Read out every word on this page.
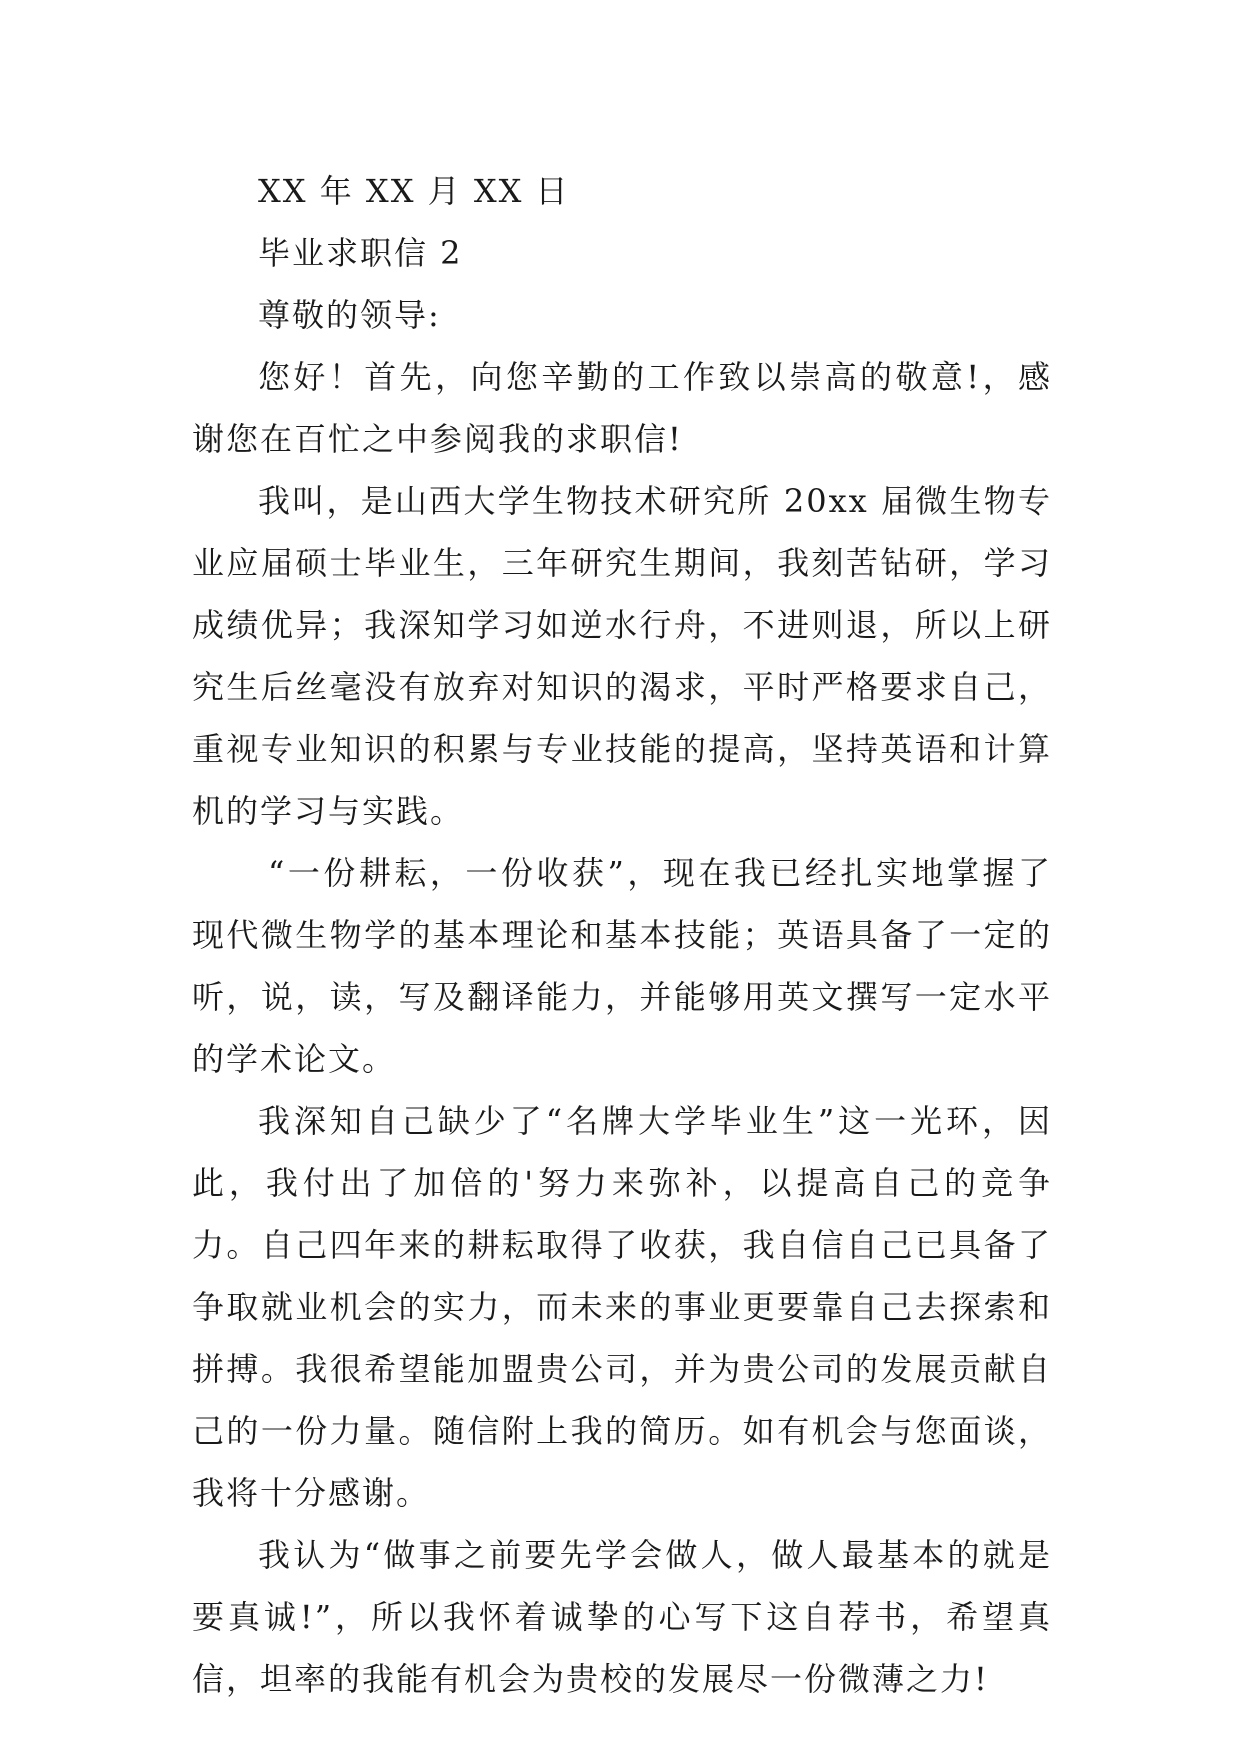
XX 年 XX 月 XX 日

毕业求职信 2

尊敬的领导:

您好！首先，向您辛勤的工作致以崇高的敬意!，感谢您在百忙之中参阅我的求职信!

我叫，是山西大学生物技术研究所 20xx 届微生物专业应届硕士毕业生，三年研究生期间，我刻苦钻研，学习成绩优异；我深知学习如逆水行舟，不进则退，所以上研究生后丝毫没有放弃对知识的渴求，平时严格要求自己，重视专业知识的积累与专业技能的提高，坚持英语和计算机的学习与实践。

“一份耕耘，一份收获”，现在我已经扎实地掌握了现代微生物学的基本理论和基本技能；英语具备了一定的听，说，读，写及翻译能力，并能够用英文撰写一定水平的学术论文。

我深知自己缺少了“名牌大学毕业生”这一光环，因此，我付出了加倍的'努力来弥补，以提高自己的竞争力。自己四年来的耕耘取得了收获，我自信自己已具备了争取就业机会的实力，而未来的事业更要靠自己去探索和拼搏。我很希望能加盟贵公司，并为贵公司的发展贡献自己的一份力量。随信附上我的简历。如有机会与您面谈，我将十分感谢。

我认为“做事之前要先学会做人，做人最基本的就是要真诚!”，所以我怀着诚挚的心写下这自荐书，希望真信，坦率的我能有机会为贵校的发展尽一份微薄之力!
